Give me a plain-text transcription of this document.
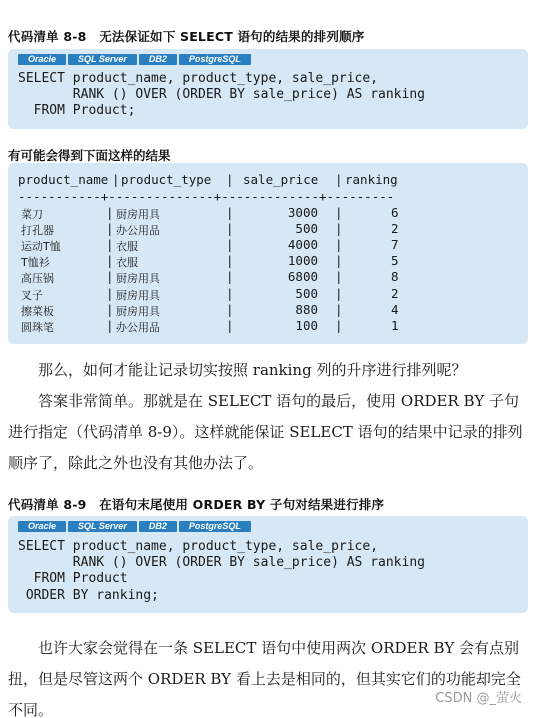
代码清单 8-8　无法保证如下 SELECT 语句的结果的排列顺序
Oracle	SQL Server	DB2	PostgreSQL
SELECT product_name, product_type, sale_price,
RANK () OVER (ORDER BY sale_price) AS ranking
FROM Product;
有可能会得到下面这样的结果
product_name | product_type | sale_price | ranking
-----------+--------------+-------------+---------
菜刀	| 厨房用具	|	3000 |	6
打孔器	| 办公用品	|	500 |	2
运动T恤	| 衣服	|	4000 |	7
T恤衫	| 衣服	|	1000 |	5
高压锅	| 厨房用具	|	6800 |	8
叉子	| 厨房用具	|	500 |	2
擦菜板	| 厨房用具	|	880 |	4
圆珠笔	| 办公用品	|	100 |	1
　　那么，如何才能让记录切实按照 ranking 列的升序进行排列呢？
　　答案非常简单。那就是在 SELECT 语句的最后，使用 ORDER BY 子句进行指定（代码清单 8-9）。这样就能保证 SELECT 语句的结果中记录的排列顺序了，除此之外也没有其他办法了。
代码清单 8-9　在语句末尾使用 ORDER BY 子句对结果进行排序
Oracle	SQL Server	DB2	PostgreSQL
SELECT product_name, product_type, sale_price,
RANK () OVER (ORDER BY sale_price) AS ranking
FROM Product
ORDER BY ranking;
　　也许大家会觉得在一条 SELECT 语句中使用两次 ORDER BY 会有点别扭，但是尽管这两个 ORDER BY 看上去是相同的，但其实它们的功能却完全不同。
CSDN @_萤火
